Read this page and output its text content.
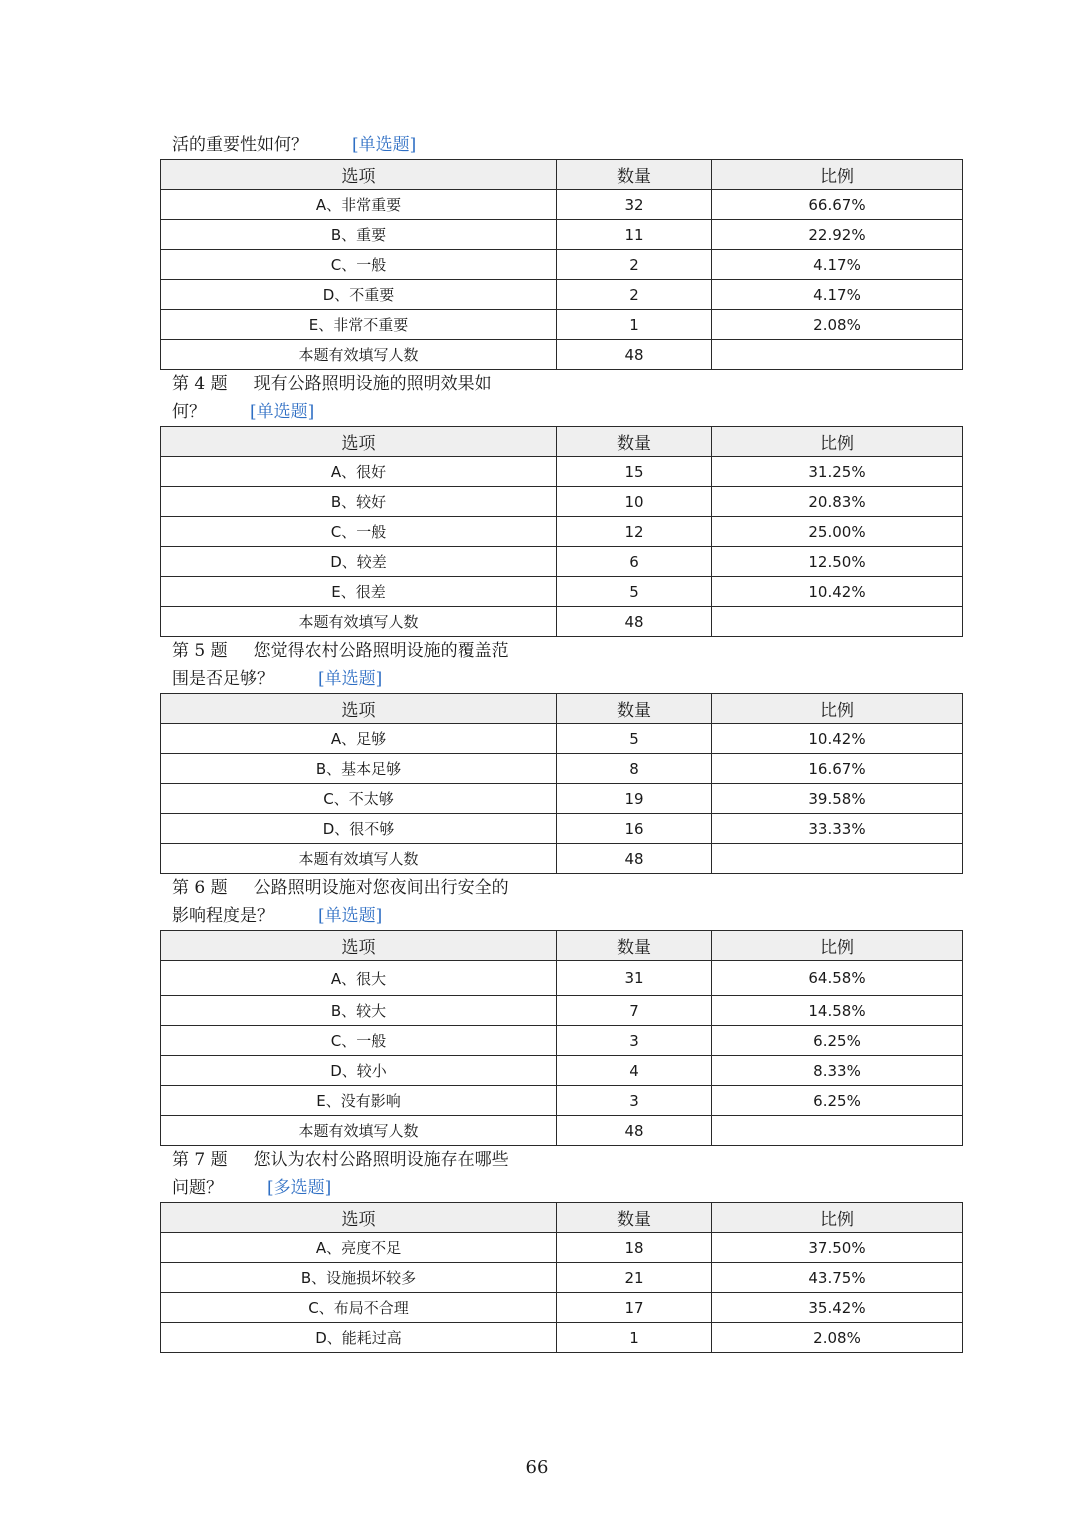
活的重要性如何？	[单选题]
选项	数量	比例
A、非常重要	32	66.67%
B、重要	11	22.92%
C、一般	2	4.17%
D、不重要	2	4.17%
E、非常不重要	1	2.08%
本题有效填写人数	48	
第 4 题 现有公路照明设施的照明效果如
何？	[单选题]
选项	数量	比例
A、很好	15	31.25%
B、较好	10	20.83%
C、一般	12	25.00%
D、较差	6	12.50%
E、很差	5	10.42%
本题有效填写人数	48	
第 5 题 您觉得农村公路照明设施的覆盖范
围是否足够？	[单选题]
选项	数量	比例
A、足够	5	10.42%
B、基本足够	8	16.67%
C、不太够	19	39.58%
D、很不够	16	33.33%
本题有效填写人数	48	
第 6 题 公路照明设施对您夜间出行安全的
影响程度是？	[单选题]
选项	数量	比例
A、很大	31	64.58%
B、较大	7	14.58%
C、一般	3	6.25%
D、较小	4	8.33%
E、没有影响	3	6.25%
本题有效填写人数	48	
第 7 题 您认为农村公路照明设施存在哪些
问题？	[多选题]
选项	数量	比例
A、亮度不足	18	37.50%
B、设施损坏较多	21	43.75%
C、布局不合理	17	35.42%
D、能耗过高	1	2.08%
66
